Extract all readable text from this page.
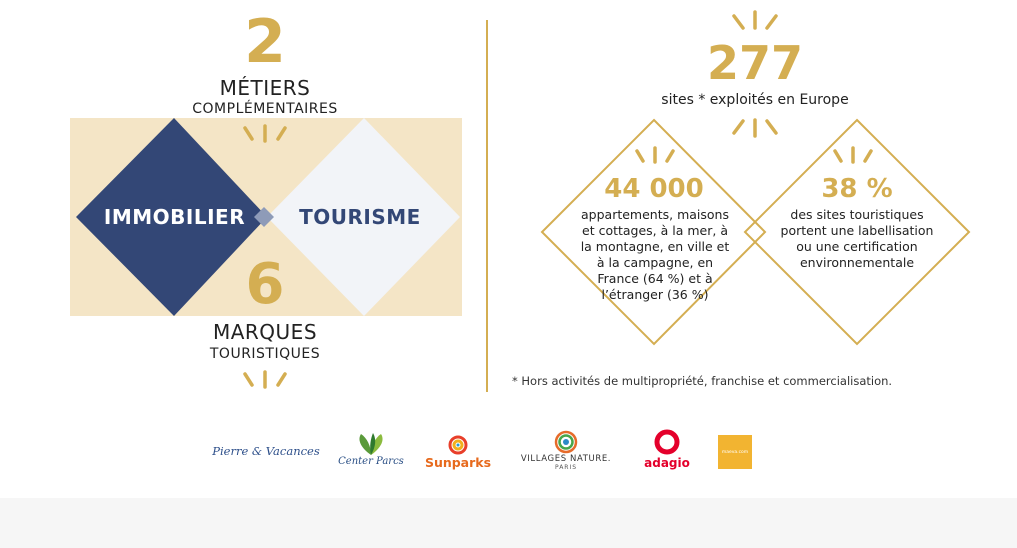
2
MÉTIERS
COMPLÉMENTAIRES
IMMOBILIER	TOURISME
6
MARQUES
TOURISTIQUES
277
sites * exploités en Europe
44 000
appartements, maisons et cottages, à la mer, à la montagne, en ville et à la campagne, en France (64 %) et à l’étranger (36 %)
38 %
des sites touristiques portent une labellisation ou une certification environnementale
* Hors activités de multipropriété, franchise et commercialisation.
Pierre & Vacances
Center Parcs Sunparks	VILLAGES NATURE.
PARIS	adagio
maeva.com
